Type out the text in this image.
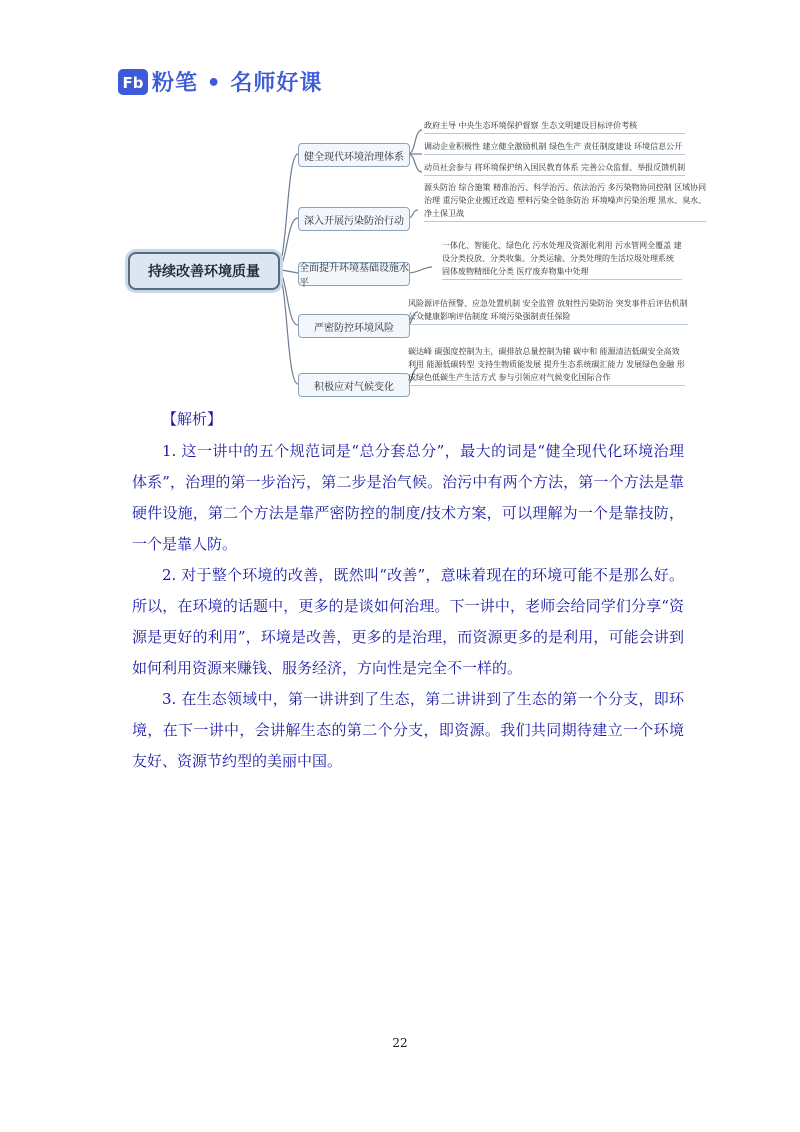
Fb 粉笔 • 名师好课
持续改善环境质量
健全现代环境治理体系
深入开展污染防治行动
全面提升环境基础设施水平
严密防控环境风险
积极应对气候变化
政府主导 中央生态环境保护督察 生态文明建设目标评价考核
调动企业积极性 建立健全激励机制 绿色生产 责任制度建设 环境信息公开
动员社会参与 将环境保护纳入国民教育体系 完善公众监督、举报反馈机制
源头防治 综合施策 精准治污、科学治污、依法治污 多污染物协同控制 区域协同
治理 重污染企业搬迁改造 塑料污染全链条防治 环境噪声污染治理 黑水、臭水、
净土保卫战
一体化、智能化、绿色化 污水处理及资源化利用 污水管网全覆盖 建
设分类投放、分类收集、分类运输、分类处理的生活垃圾处理系统
固体废物精细化分类 医疗废弃物集中处理
风险源评估预警、应急处置机制 安全监管 放射性污染防治 突发事件后评估机制
公众健康影响评估制度 环境污染强制责任保险
碳达峰 碳强度控制为主，碳排放总量控制为辅 碳中和 能源清洁低碳安全高效
利用 能源低碳转型 支持生物质能发展 提升生态系统碳汇能力 发展绿色金融 形
成绿色低碳生产生活方式 参与引领应对气候变化国际合作
【解析】
1. 这一讲中的五个规范词是“总分套总分”，最大的词是“健全现代化环境治理体系”，治理的第一步治污，第二步是治气候。治污中有两个方法，第一个方法是靠硬件设施，第二个方法是靠严密防控的制度/技术方案，可以理解为一个是靠技防，一个是靠人防。
2. 对于整个环境的改善，既然叫“改善”，意味着现在的环境可能不是那么好。所以，在环境的话题中，更多的是谈如何治理。下一讲中，老师会给同学们分享“资源是更好的利用”，环境是改善，更多的是治理，而资源更多的是利用，可能会讲到如何利用资源来赚钱、服务经济，方向性是完全不一样的。
3. 在生态领域中，第一讲讲到了生态，第二讲讲到了生态的第一个分支，即环境，在下一讲中，会讲解生态的第二个分支，即资源。我们共同期待建立一个环境友好、资源节约型的美丽中国。
22
